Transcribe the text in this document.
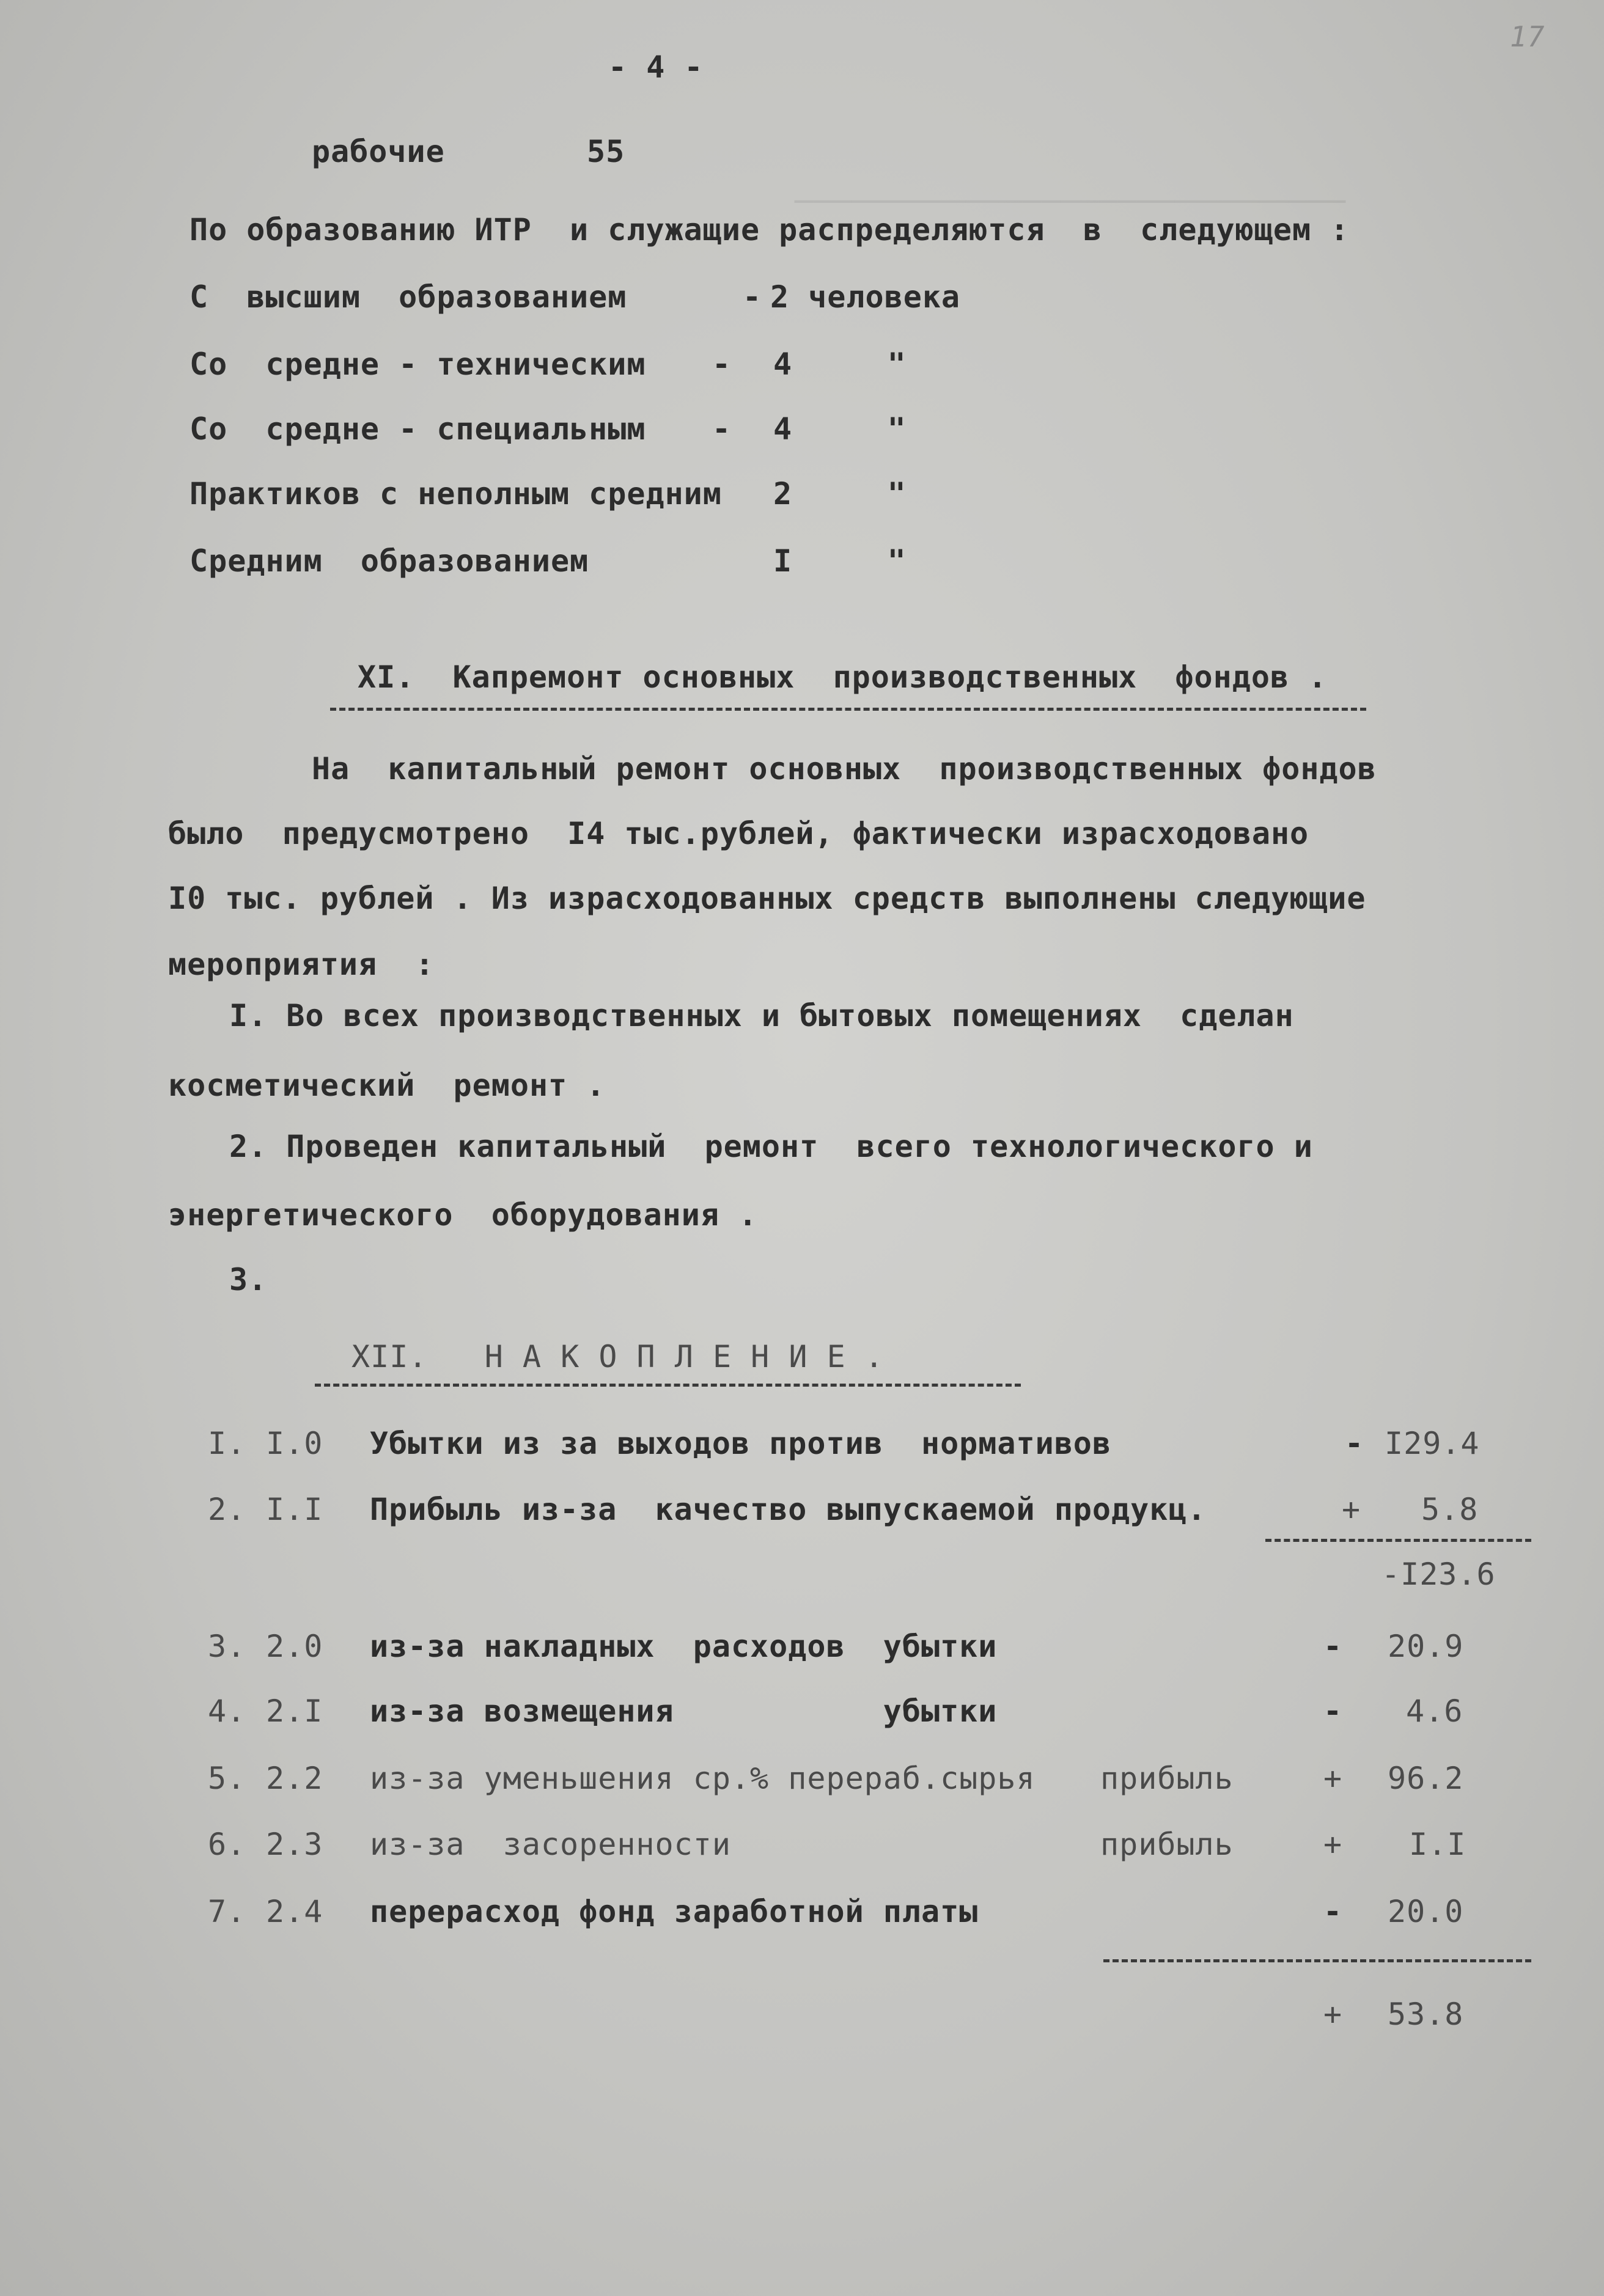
─────────────────────────────
17
- 4 -
рабочие	55
По образованию ИТР  и служащие распределяются  в  следующем :
С  высшим  образованием	- 2 человека
Со  средне - техническим - 4     "
Со  средне - специальным - 4     "
Практиков с неполным средним 2     "
Средним  образованием	I     "
XI.  Капремонт основных  производственных  фондов .
На  капитальный ремонт основных  производственных фондов
было  предусмотрено  I4 тыс.рублей, фактически израсходовано
I0 тыс. рублей . Из израсходованных средств выполнены следующие
мероприятия  :
I. Во всех производственных и бытовых помещениях  сделан
косметический  ремонт .
2. Проведен капитальный  ремонт  всего технологического и
энергетического  оборудования .
3.
XII.   Н А К О П Л Е Н И Е .
I. I.0 Убытки из за выходов против  нормативов	- I29.4
2. I.I Прибыль из-за  качество выпускаемой продукц.	+ 5.8
-I23.6
3. 2.0 из-за накладных  расходов  убытки	- 20.9
4. 2.I из-за возмещения           убытки	- 4.6
5. 2.2 из-за уменьшения ср.% перераб.сырья прибыль	+ 96.2
6. 2.3 из-за  засоренности	прибыль	+ I.I
7. 2.4 перерасход фонд заработной платы	- 20.0
+ 53.8
